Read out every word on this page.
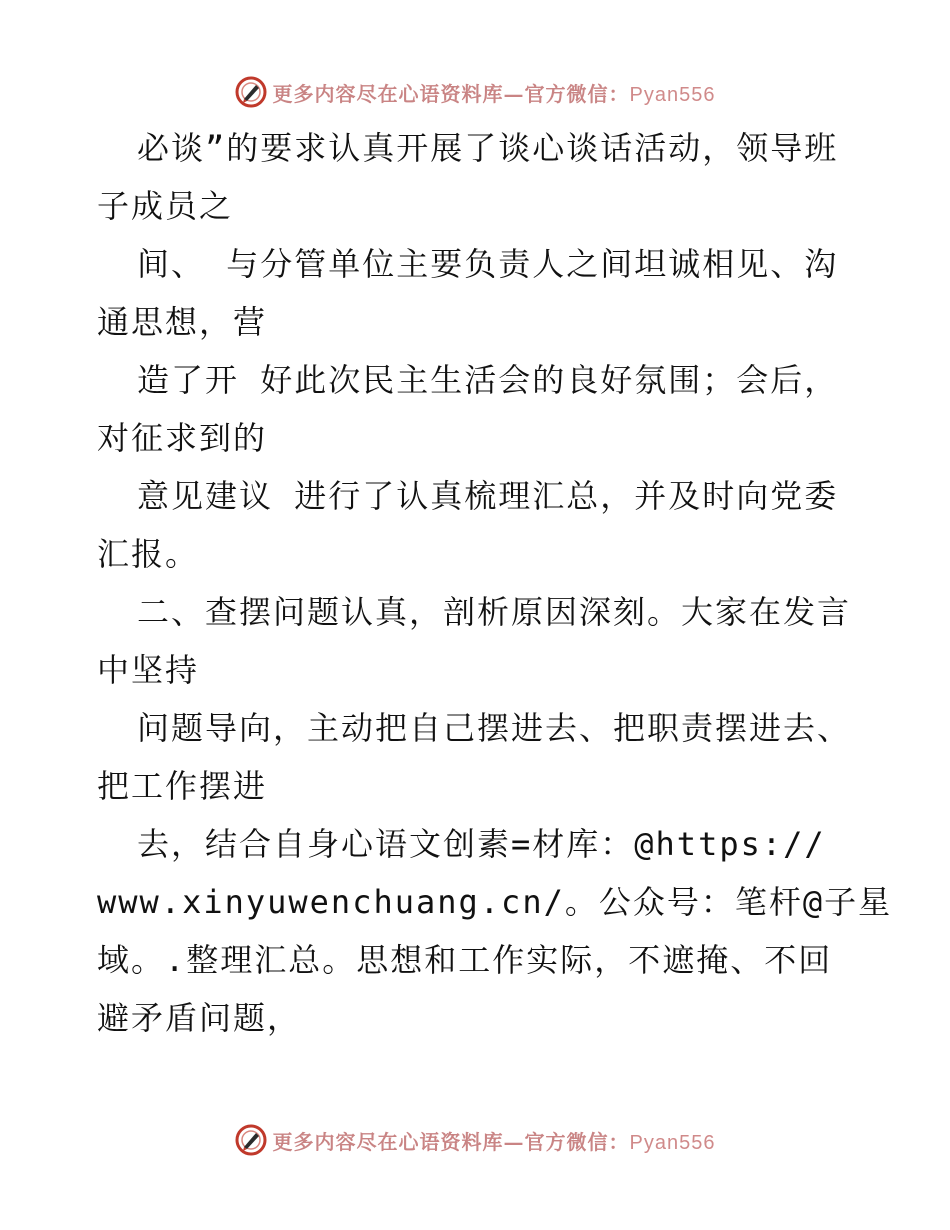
更多内容尽在心语资料库—官方微信：Pyan556
必谈”的要求认真开展了谈心谈话活动，领导班
子成员之
间、 与分管单位主要负责人之间坦诚相见、沟
通思想，营
造了开 好此次民主生活会的良好氛围；会后，
对征求到的
意见建议 进行了认真梳理汇总，并及时向党委
汇报。
二、查摆问题认真，剖析原因深刻。大家在发言
中坚持
问题导向，主动把自己摆进去、把职责摆进去、
把工作摆进
去，结合自身心语文创素=材库：@https://
www.xinyuwenchuang.cn/。公众号：笔杆@子星
域。.整理汇总。思想和工作实际，不遮掩、不回
避矛盾问题，
更多内容尽在心语资料库—官方微信：Pyan556
